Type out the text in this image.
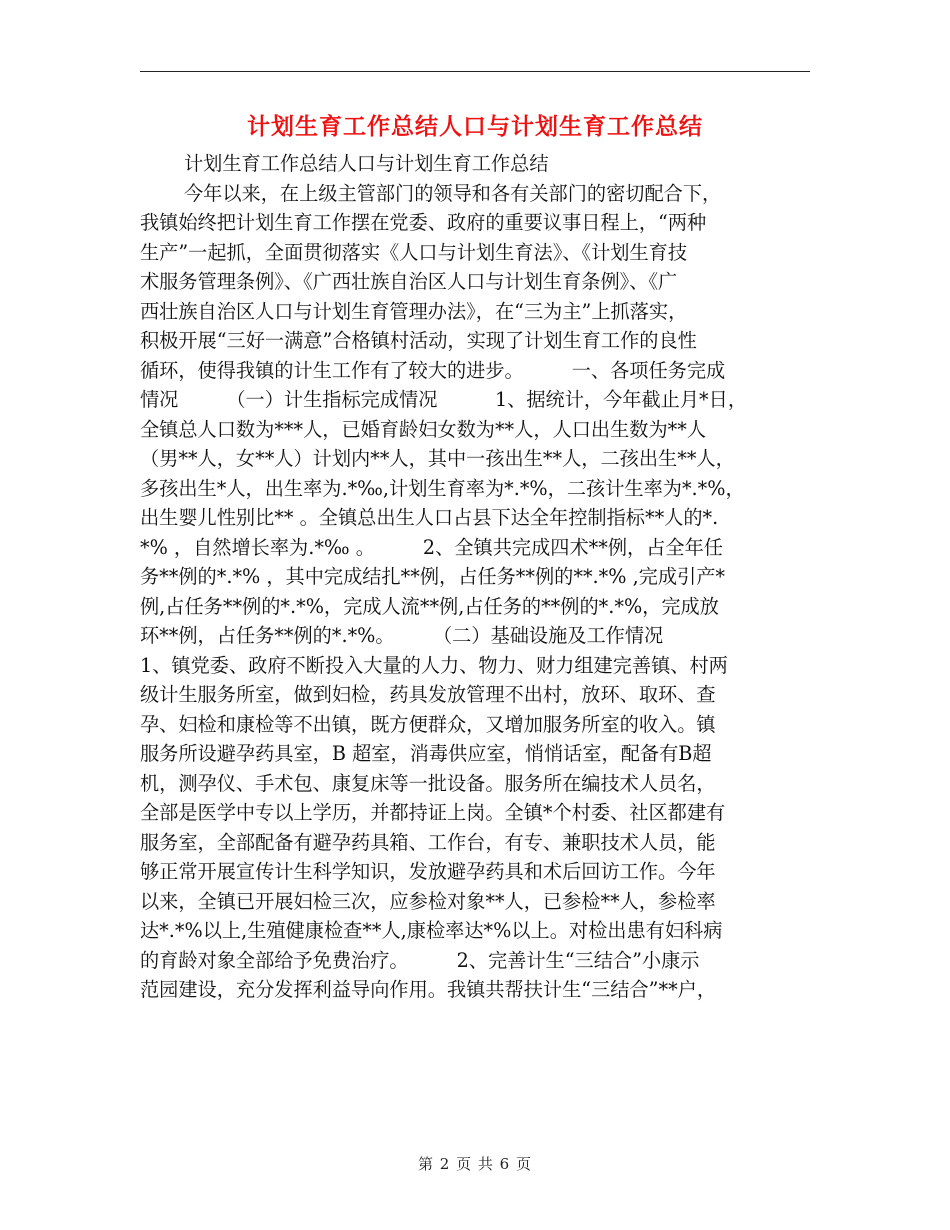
计划生育工作总结人口与计划生育工作总结

计划生育工作总结人口与计划生育工作总结

今年以来，在上级主管部门的领导和各有关部门的密切配合下，

我镇始终把计划生育工作摆在党委、政府的重要议事日程上，“两种

生产”一起抓，全面贯彻落实《人口与计划生育法》、《计划生育技

术服务管理条例》、《广西壮族自治区人口与计划生育条例》、《广

西壮族自治区人口与计划生育管理办法》，在“三为主”上抓落实，

积极开展“三好一满意”合格镇村活动，实现了计划生育工作的良性

循环，使得我镇的计生工作有了较大的进步。　　　一、各项任务完成

情况　　　（一）计生指标完成情况　　　1、据统计，今年截止月*日，

全镇总人口数为***人，已婚育龄妇女数为**人，人口出生数为**人

（男**人，女**人）计划内**人，其中一孩出生**人，二孩出生**人，

多孩出生*人，出生率为.*‰,计划生育率为*.*%，二孩计生率为*.*%，

出生婴儿性别比** 。全镇总出生人口占县下达全年控制指标**人的*.

*% ，自然增长率为.*‰ 。　　　2、全镇共完成四术**例，占全年任

务**例的*.*% ，其中完成结扎**例，占任务**例的**.*% ,完成引产*

例,占任务**例的*.*%，完成人流**例,占任务的**例的*.*%，完成放

环**例，占任务**例的*.*%。　　　（二）基础设施及工作情况

1、镇党委、政府不断投入大量的人力、物力、财力组建完善镇、村两

级计生服务所室，做到妇检，药具发放管理不出村，放环、取环、查

孕、妇检和康检等不出镇，既方便群众，又增加服务所室的收入。镇

服务所设避孕药具室，B 超室，消毒供应室，悄悄话室，配备有B超

机，测孕仪、手术包、康复床等一批设备。服务所在编技术人员名，

全部是医学中专以上学历，并都持证上岗。全镇*个村委、社区都建有

服务室，全部配备有避孕药具箱、工作台，有专、兼职技术人员，能

够正常开展宣传计生科学知识，发放避孕药具和术后回访工作。今年

以来，全镇已开展妇检三次，应参检对象**人，已参检**人，参检率

达*.*%以上,生殖健康检查**人,康检率达*%以上。对检出患有妇科病

的育龄对象全部给予免费治疗。　　　2、完善计生“三结合”小康示

范园建设，充分发挥利益导向作用。我镇共帮扶计生“三结合”**户，

第 2 页 共 6 页
